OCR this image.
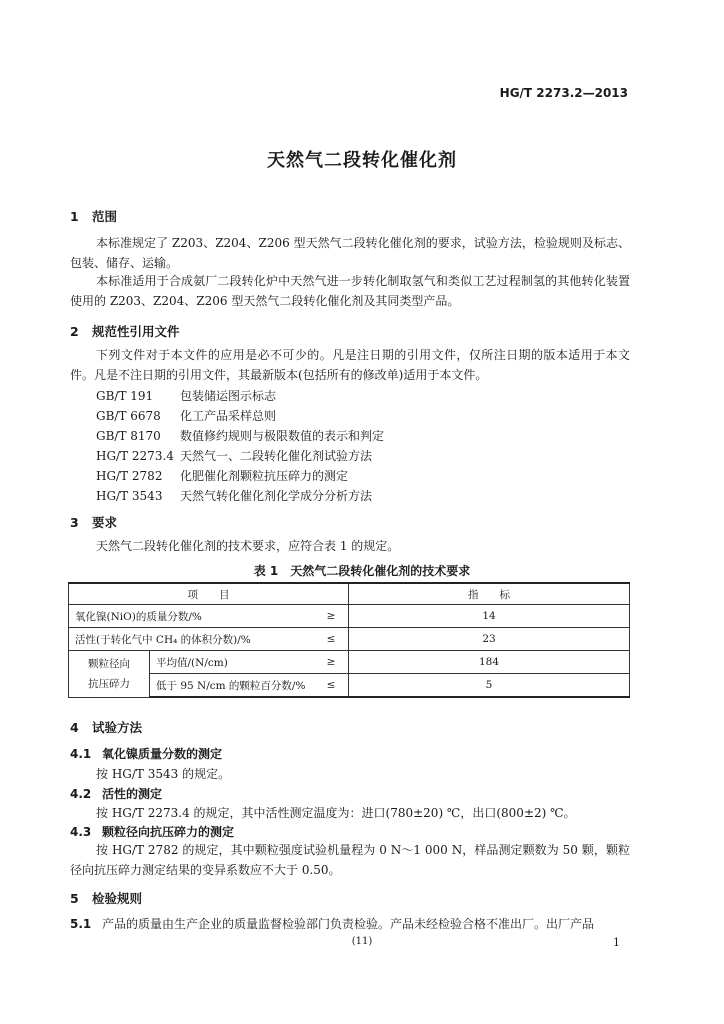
HG/T 2273.2—2013
天然气二段转化催化剂
1 范围
本标准规定了 Z203、Z204、Z206 型天然气二段转化催化剂的要求，试验方法，检验规则及标志、包装、储存、运输。
本标准适用于合成氨厂二段转化炉中天然气进一步转化制取氢气和类似工艺过程制氢的其他转化装置使用的 Z203、Z204、Z206 型天然气二段转化催化剂及其同类型产品。
2 规范性引用文件
下列文件对于本文件的应用是必不可少的。凡是注日期的引用文件，仅所注日期的版本适用于本文件。凡是不注日期的引用文件，其最新版本(包括所有的修改单)适用于本文件。
GB/T 191 包装储运图示标志
GB/T 6678 化工产品采样总则
GB/T 8170 数值修约规则与极限数值的表示和判定
HG/T 2273.4 天然气一、二段转化催化剂试验方法
HG/T 2782 化肥催化剂颗粒抗压碎力的测定
HG/T 3543 天然气转化催化剂化学成分分析方法
3 要求
天然气二段转化催化剂的技术要求，应符合表 1 的规定。
表 1　天然气二段转化催化剂的技术要求
项　　目			指　　标
氧化镍(NiO)的质量分数/%		≥	14
活性(于转化气中 CH₄ 的体积分数)/%		≤	23
颗粒径向
抗压碎力	平均值/(N/cm)	≥	184
	低于 95 N/cm 的颗粒百分数/%	≤	5
4 试验方法
4.1 氧化镍质量分数的测定
按 HG/T 3543 的规定。
4.2 活性的测定
按 HG/T 2273.4 的规定，其中活性测定温度为：进口(780±20) ℃，出口(800±2) ℃。
4.3 颗粒径向抗压碎力的测定
按 HG/T 2782 的规定，其中颗粒强度试验机量程为 0 N～1 000 N，样品测定颗数为 50 颗，颗粒径向抗压碎力测定结果的变异系数应不大于 0.50。
5 检验规则
5.1 产品的质量由生产企业的质量监督检验部门负责检验。产品未经检验合格不准出厂。出厂产品
(11)	1
